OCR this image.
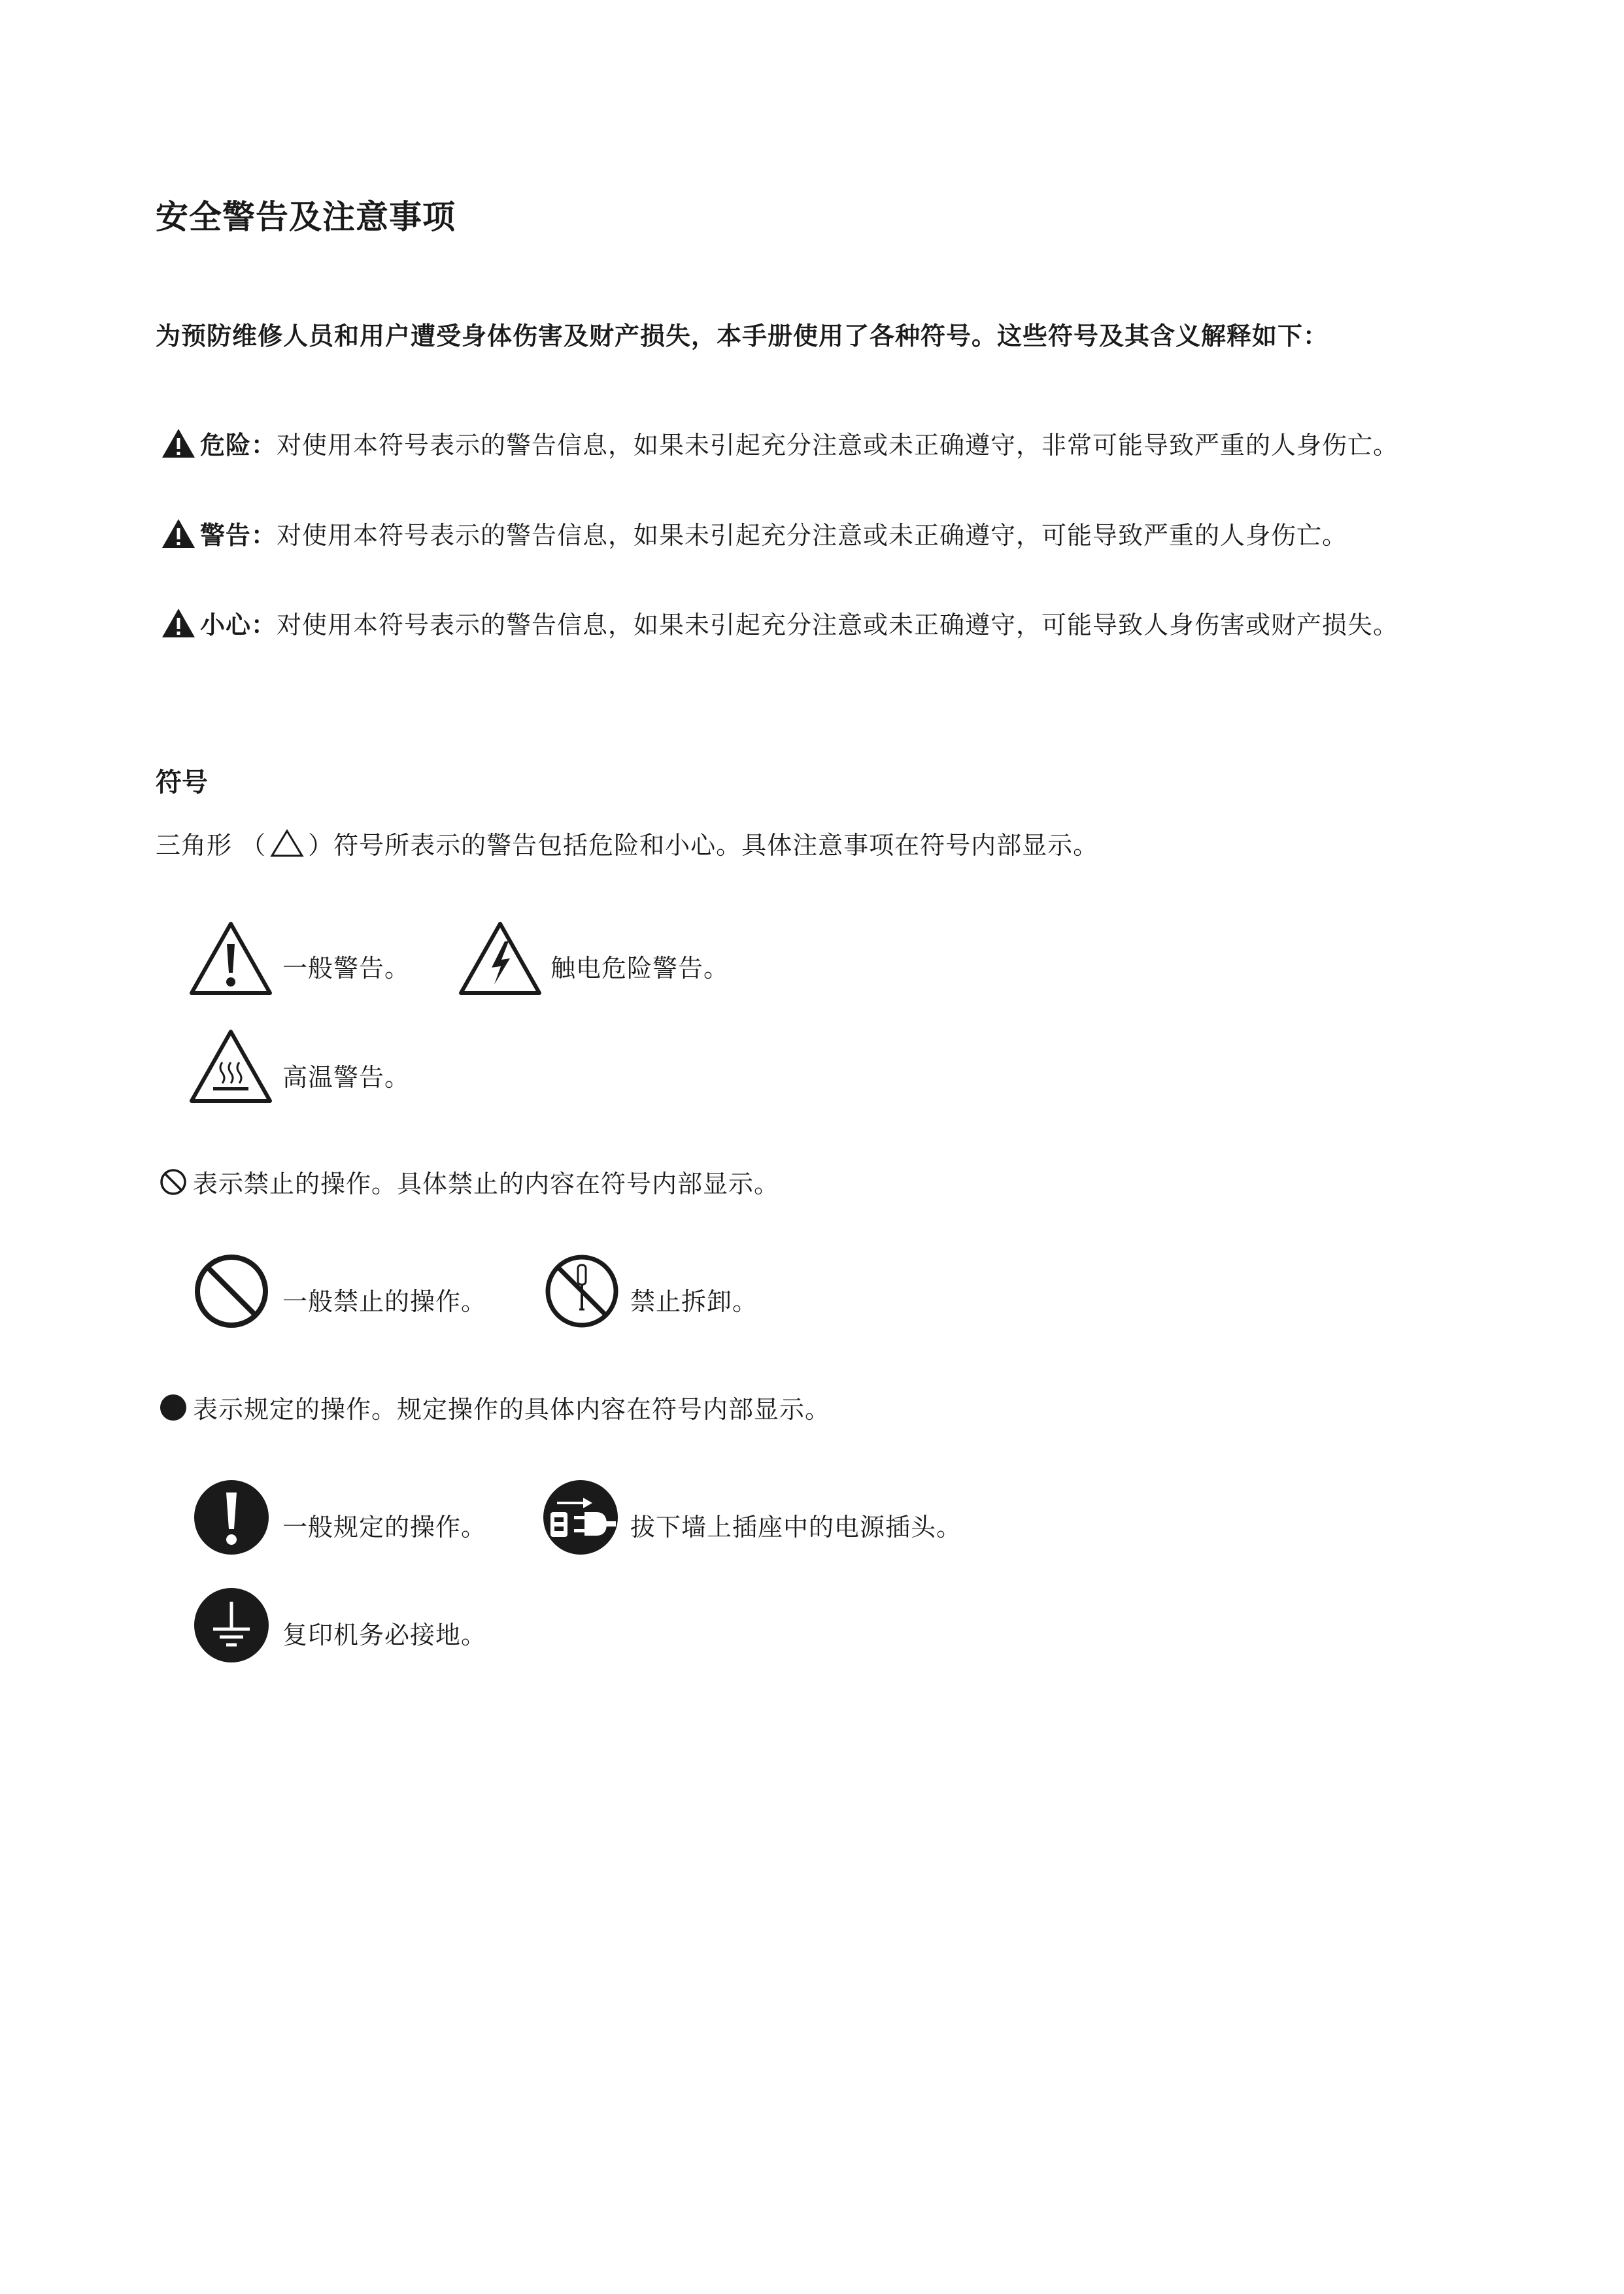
安全警告及注意事项
为预防维修人员和用户遭受身体伤害及财产损失，本手册使用了各种符号。这些符号及其含义解释如下：
危险 ： 对使用本符号表示的警告信息，如果未引起充分注意或未正确遵守，非常可能导致严重的人身伤亡。
警告 ： 对使用本符号表示的警告信息，如果未引起充分注意或未正确遵守，可能导致严重的人身伤亡。
小心 ： 对使用本符号表示的警告信息，如果未引起充分注意或未正确遵守，可能导致人身伤害或财产损失。
符号
三角形 （ ）符号所表示的警告包括危险和小心。具体注意事项在符号内部显示。
一般警告。	触电危险警告。
高温警告。
表示禁止的操作。具体禁止的内容在符号内部显示。
一般禁止的操作。	禁止拆卸。
表示规定的操作。规定操作的具体内容在符号内部显示。
一般规定的操作。	拔下墙上插座中的电源插头。
复印机务必接地。
